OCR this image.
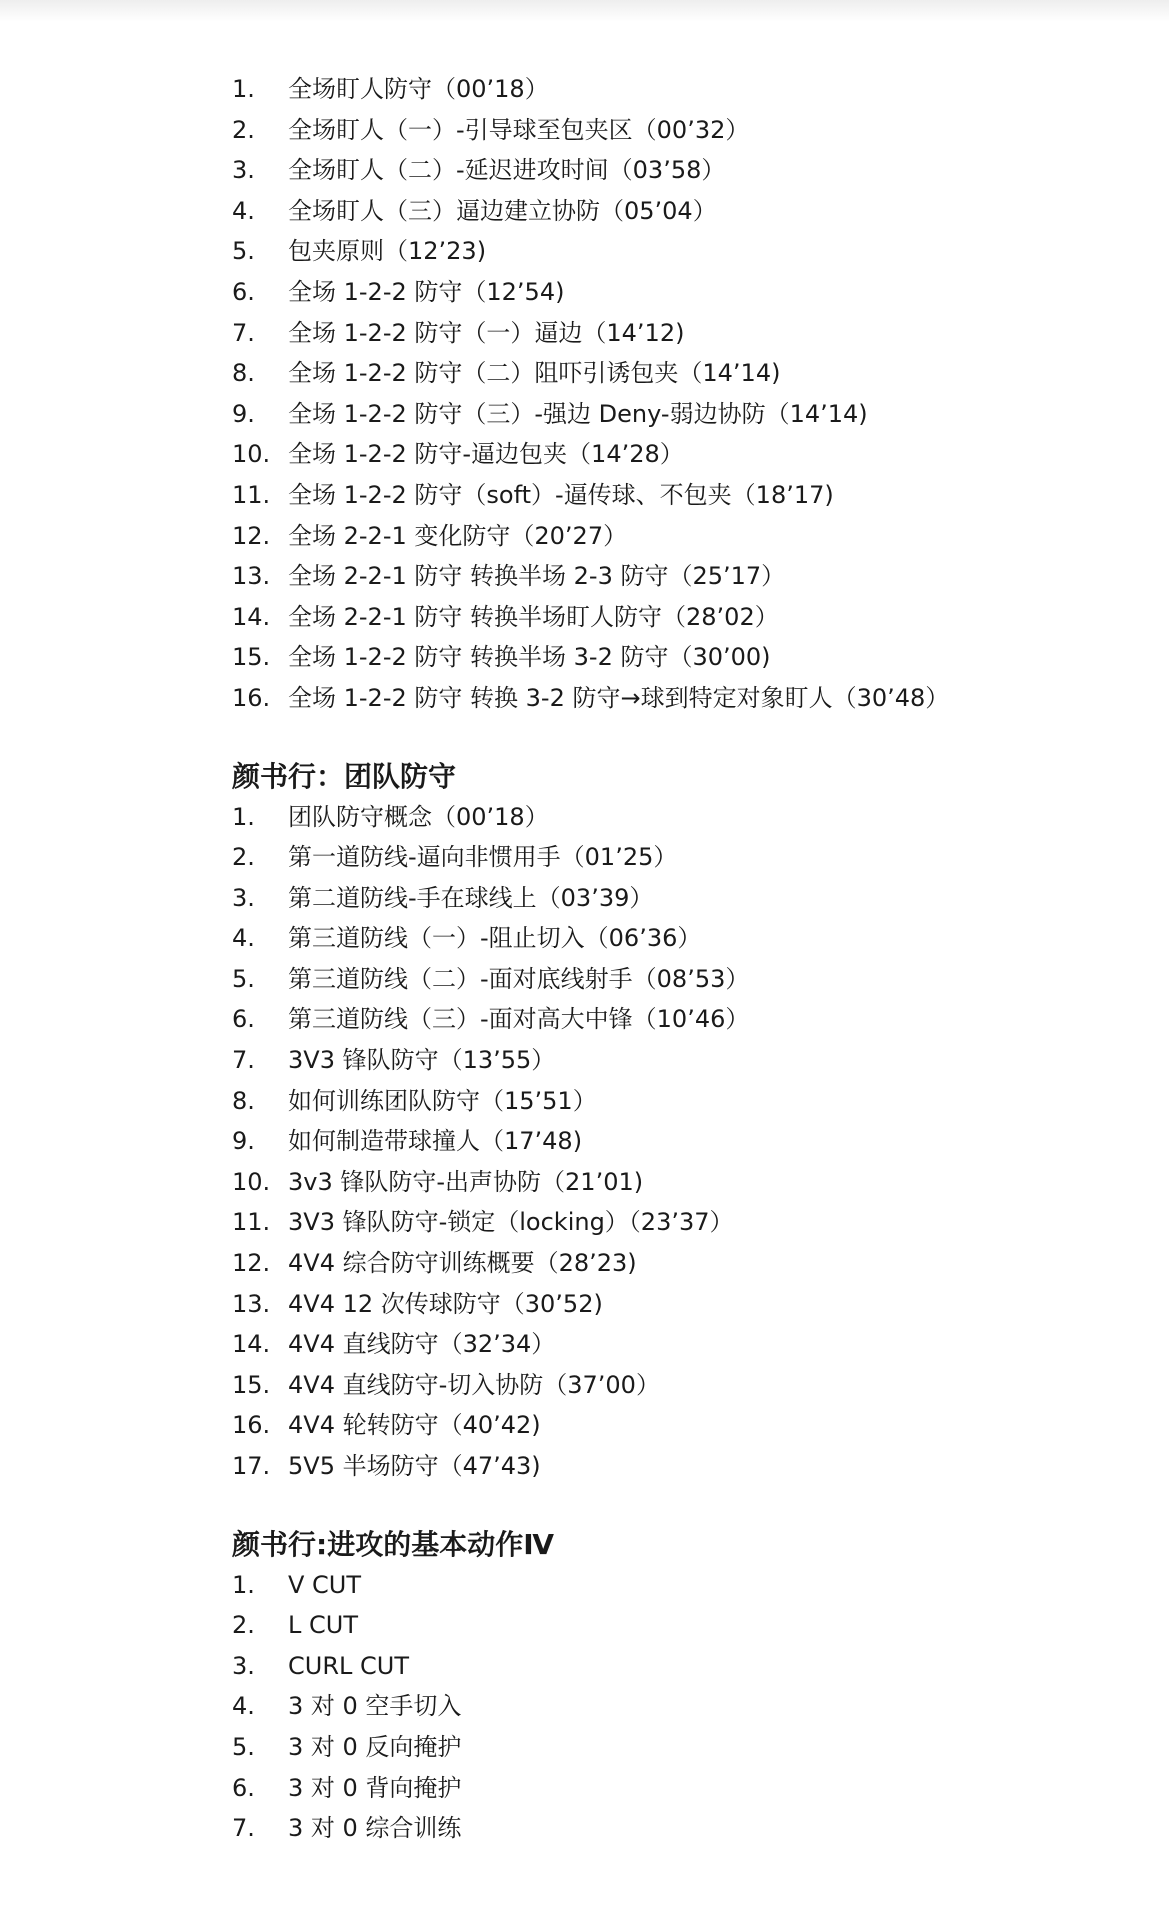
1.	全场盯人防守（00’18）
2.	全场盯人（一）-引导球至包夹区（00’32）
3.	全场盯人（二）-延迟进攻时间（03’58）
4.	全场盯人（三）逼边建立协防（05’04）
5.	包夹原则（12’23)
6.	全场 1-2-2 防守（12’54)
7.	全场 1-2-2 防守（一）逼边（14’12)
8.	全场 1-2-2 防守（二）阻吓引诱包夹（14’14)
9.	全场 1-2-2 防守（三）-强边 Deny-弱边协防（14’14)
10. 全场 1-2-2 防守-逼边包夹（14’28）
11. 全场 1-2-2 防守（soft）-逼传球、不包夹（18’17)
12. 全场 2-2-1 变化防守（20’27）
13. 全场 2-2-1 防守 转换半场 2-3 防守（25’17）
14. 全场 2-2-1 防守 转换半场盯人防守（28’02）
15. 全场 1-2-2 防守 转换半场 3-2 防守（30’00)
16. 全场 1-2-2 防守 转换 3-2 防守→球到特定对象盯人（30’48）
颜书行：团队防守
1.	团队防守概念（00’18）
2.	第一道防线-逼向非惯用手（01’25）
3.	第二道防线-手在球线上（03’39）
4.	第三道防线（一）-阻止切入（06’36）
5.	第三道防线（二）-面对底线射手（08’53）
6.	第三道防线（三）-面对高大中锋（10’46）
7.	3V3 锋队防守（13’55）
8.	如何训练团队防守（15’51）
9.	如何制造带球撞人（17’48)
10. 3v3 锋队防守-出声协防（21’01)
11. 3V3 锋队防守-锁定（locking）（23’37）
12. 4V4 综合防守训练概要（28’23)
13. 4V4 12 次传球防守（30’52)
14. 4V4 直线防守（32’34）
15. 4V4 直线防守-切入协防（37’00）
16. 4V4 轮转防守（40’42)
17. 5V5 半场防守（47’43)
颜书行:进攻的基本动作Ⅳ
1.	V CUT
2.	L CUT
3.	CURL CUT
4.	3 对 0 空手切入
5.	3 对 0 反向掩护
6.	3 对 0 背向掩护
7.	3 对 0 综合训练
